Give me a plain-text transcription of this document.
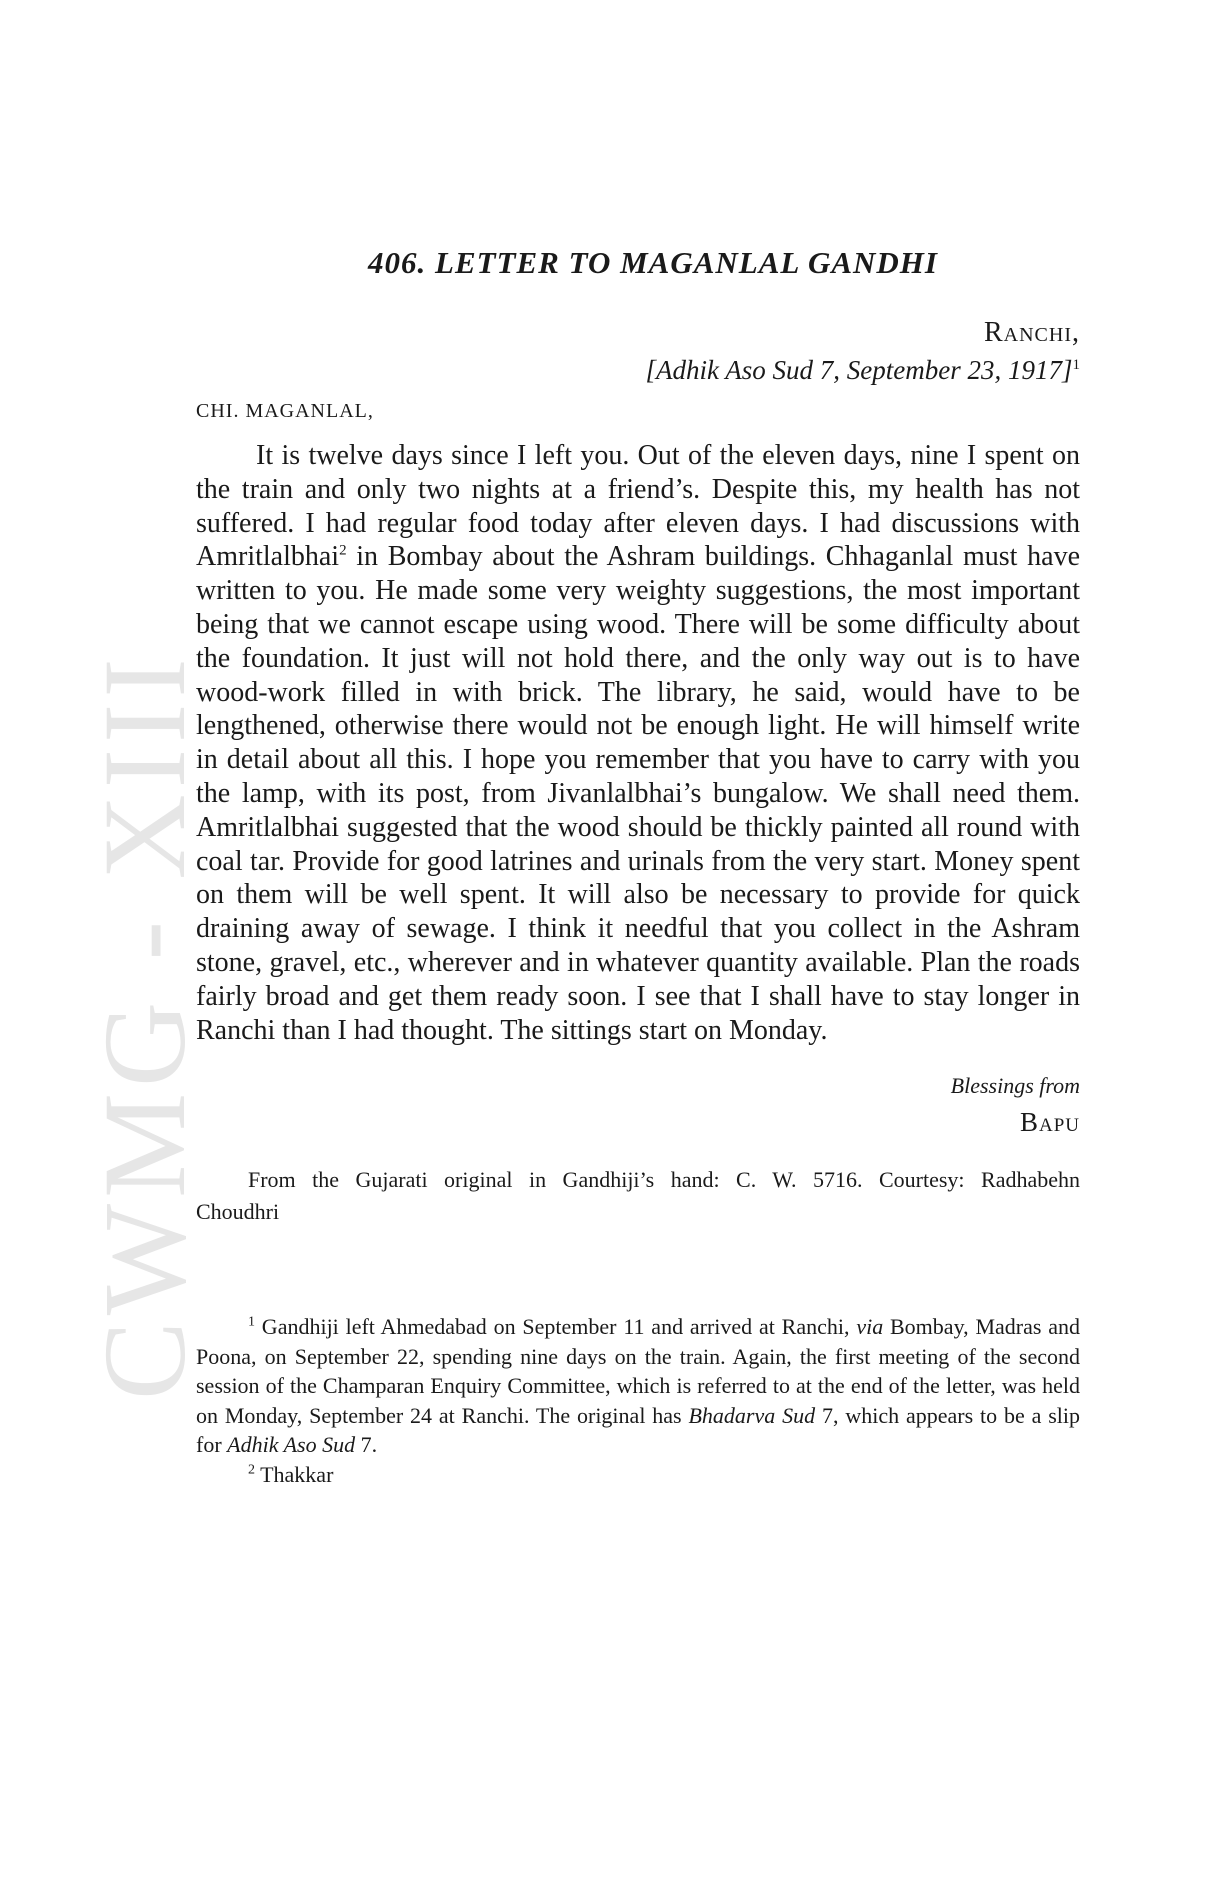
CWMG - XIII
406. LETTER TO MAGANLAL GANDHI
Ranchi,
[Adhik Aso Sud 7, September 23, 1917]$^1$
CHI. MAGANLAL,

It is twelve days since I left you. Out of the eleven days, nine I spent on the train and only two nights at a friend’s. Despite this, my health has not suffered. I had regular food today after eleven days. I had discussions with Amritlalbhai$^2$ in Bombay about the Ashram buildings. Chhaganlal must have written to you. He made some very weighty suggestions, the most important being that we cannot escape using wood. There will be some difficulty about the foundation. It just will not hold there, and the only way out is to have wood-work filled in with brick. The library, he said, would have to be lengthened, otherwise there would not be enough light. He will himself write in detail about all this. I hope you remember that you have to carry with you the lamp, with its post, from Jivanlalbhai’s bungalow. We shall need them. Amritlalbhai suggested that the wood should be thickly painted all round with coal tar. Provide for good latrines and urinals from the very start. Money spent on them will be well spent. It will also be necessary to provide for quick draining away of sewage. I think it needful that you collect in the Ashram stone, gravel, etc., wherever and in whatever quantity available. Plan the roads fairly broad and get them ready soon. I see that I shall have to stay longer in Ranchi than I had thought. The sittings start on Monday.

Blessings from
Bapu
From the Gujarati original in Gandhiji’s hand: C. W. 5716. Courtesy: Radhabehn Choudhri

$^1$ Gandhiji left Ahmedabad on September 11 and arrived at Ranchi, via Bombay, Madras and Poona, on September 22, spending nine days on the train. Again, the first meeting of the second session of the Champaran Enquiry Committee, which is referred to at the end of the letter, was held on Monday, September 24 at Ranchi. The original has Bhadarva Sud 7, which appears to be a slip for Adhik Aso Sud 7.

$^2$ Thakkar
